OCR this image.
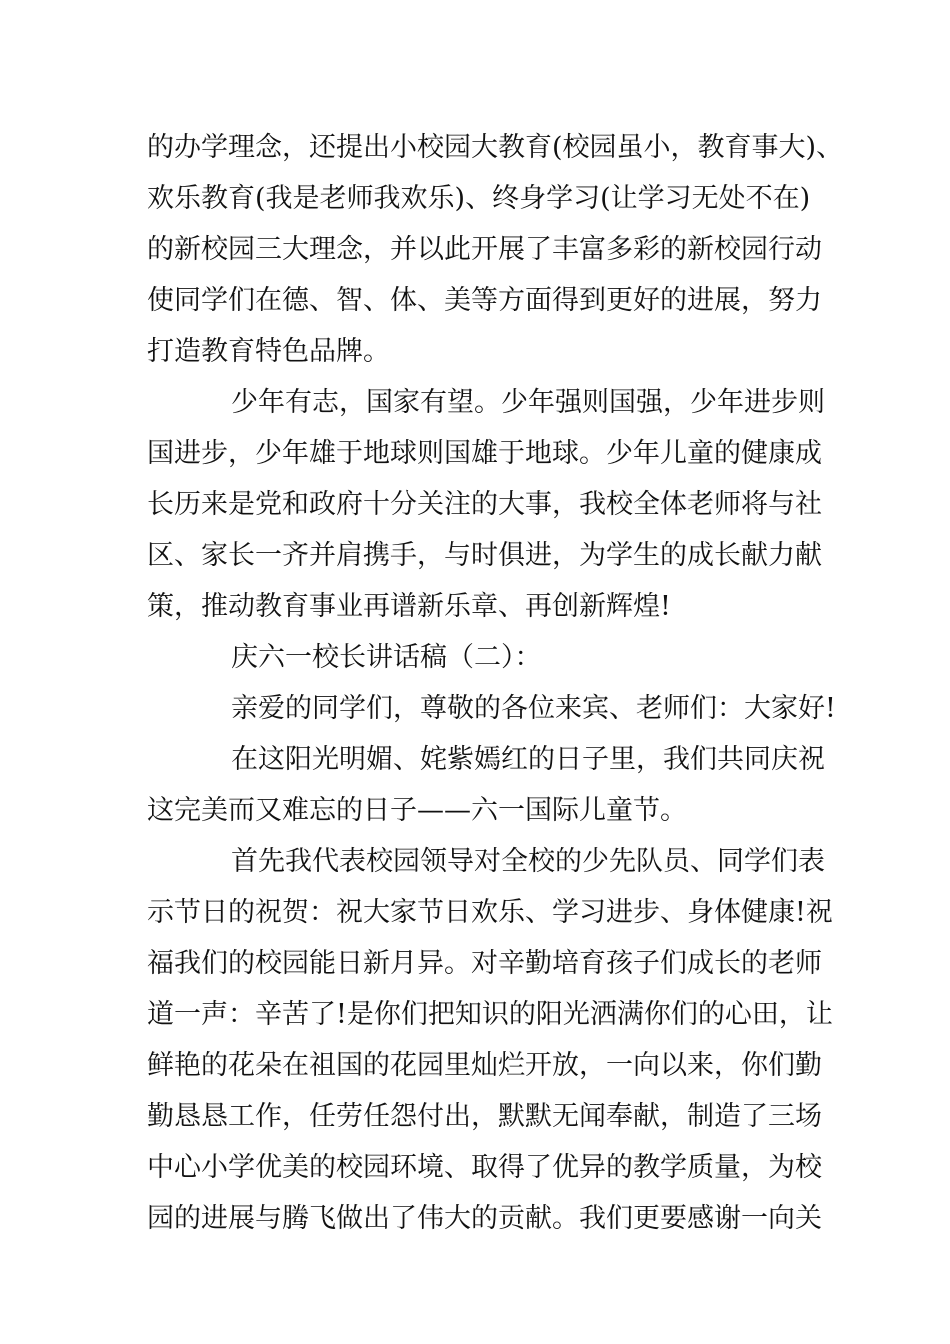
的办学理念，还提出小校园大教育(校园虽小，教育事大)、
欢乐教育(我是老师我欢乐)、终身学习(让学习无处不在)
的新校园三大理念，并以此开展了丰富多彩的新校园行动
使同学们在德、智、体、美等方面得到更好的进展，努力
打造教育特色品牌。
少年有志，国家有望。少年强则国强，少年进步则
国进步，少年雄于地球则国雄于地球。少年儿童的健康成
长历来是党和政府十分关注的大事，我校全体老师将与社
区、家长一齐并肩携手，与时俱进，为学生的成长献力献
策，推动教育事业再谱新乐章、再创新辉煌!
庆六一校长讲话稿（二）：
亲爱的同学们，尊敬的各位来宾、老师们：大家好!
在这阳光明媚、姹紫嫣红的日子里，我们共同庆祝
这完美而又难忘的日子——六一国际儿童节。
首先我代表校园领导对全校的少先队员、同学们表
示节日的祝贺：祝大家节日欢乐、学习进步、身体健康!祝
福我们的校园能日新月异。对辛勤培育孩子们成长的老师
道一声：辛苦了!是你们把知识的阳光洒满你们的心田，让
鲜艳的花朵在祖国的花园里灿烂开放，一向以来，你们勤
勤恳恳工作，任劳任怨付出，默默无闻奉献，制造了三场
中心小学优美的校园环境、取得了优异的教学质量，为校
园的进展与腾飞做出了伟大的贡献。我们更要感谢一向关
